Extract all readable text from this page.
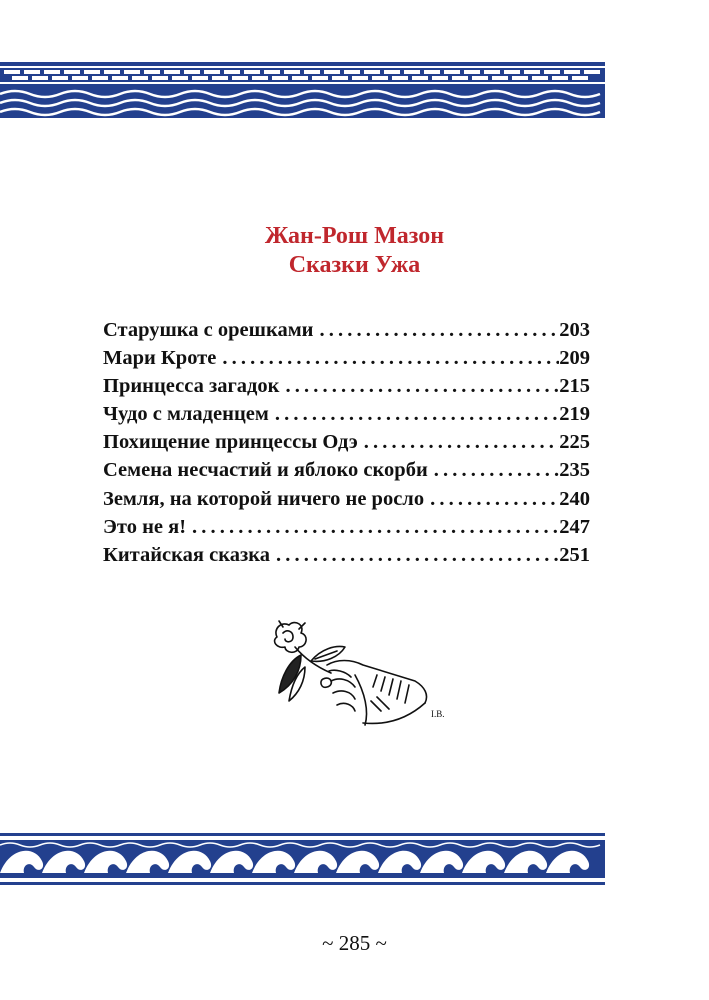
Жан-Рош Мазон
Сказки Ужа
Старушка с орешками . . .	203
Мари Кроте . . .	209
Принцесса загадок . . .	215
Чудо с младенцем . . .	219
Похищение принцессы Одэ . . .	225
Семена несчастий и яблоко скорби . . .	235
Земля, на которой ничего не росло . . .	240
Это не я! . . .	247
Китайская сказка . . .	251
I.B.
~ 285 ~
